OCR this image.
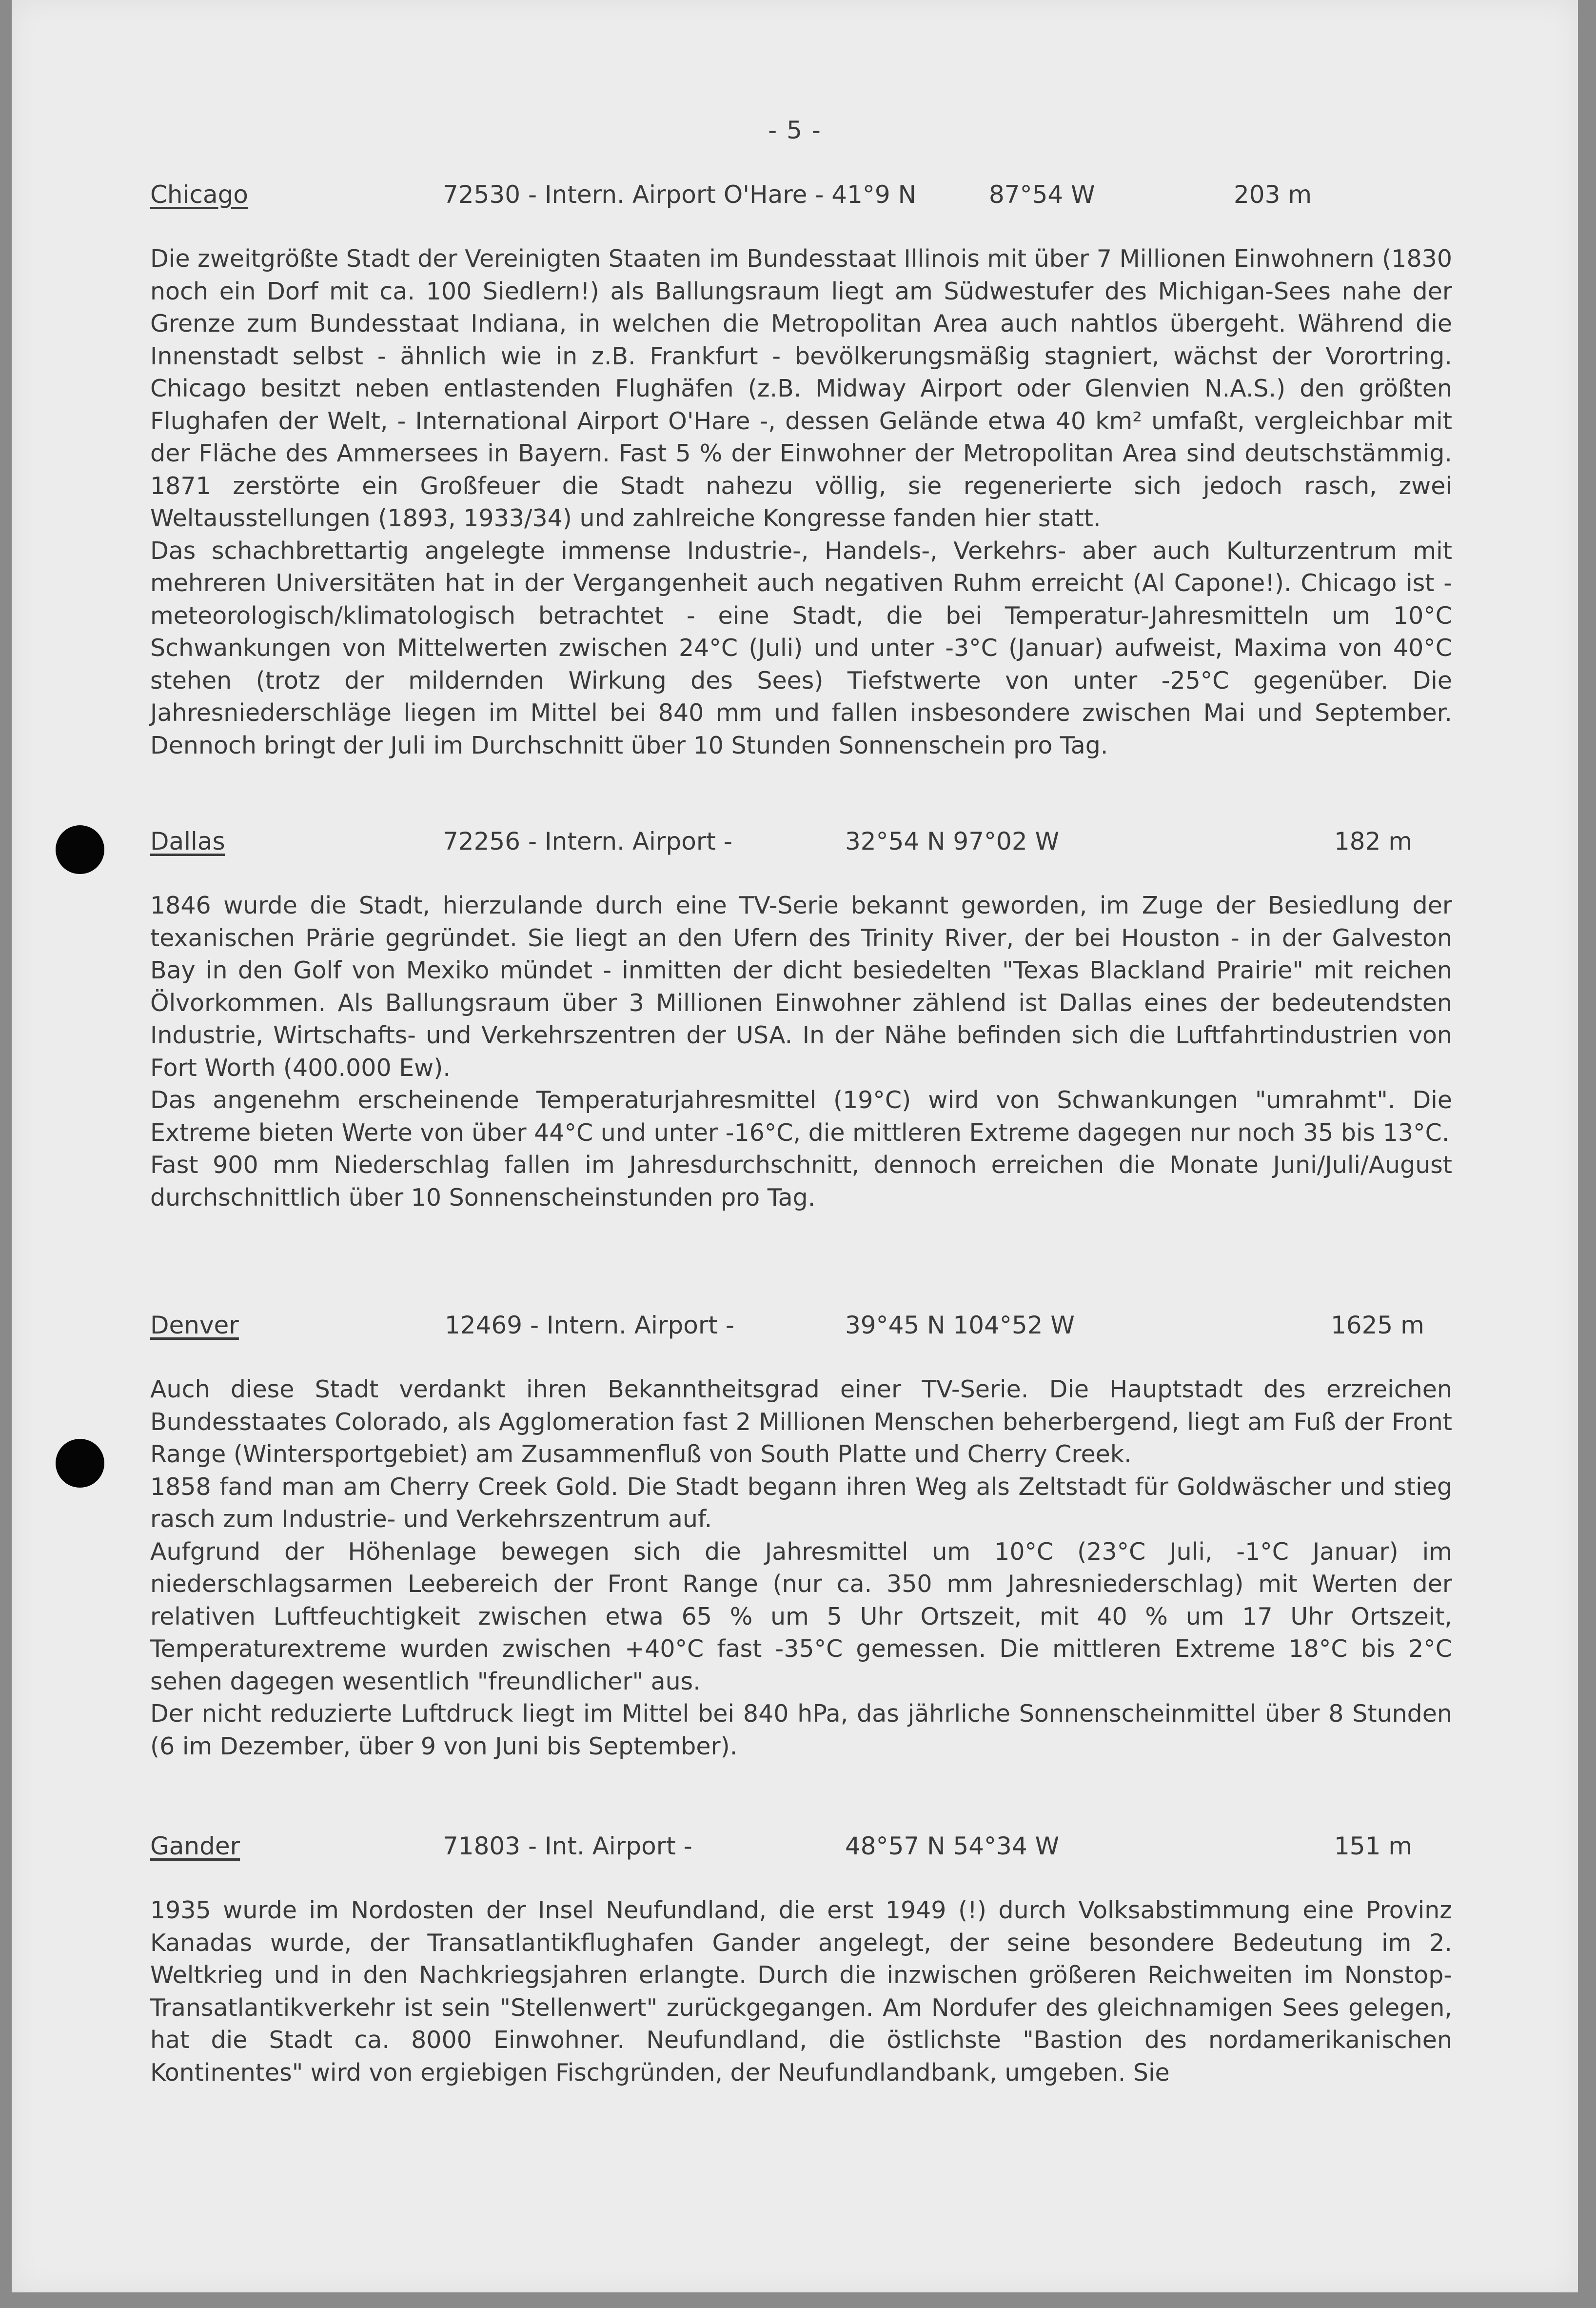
- 5 -
Chicago	72530 - Intern. Airport O'Hare - 41°9 N	87°54 W	203 m

Die zweitgrößte Stadt der Vereinigten Staaten im Bundesstaat Illinois mit über 7 Millionen Einwohnern (1830 noch ein Dorf mit ca. 100 Siedlern!) als Ballungsraum liegt am Südwestufer des Michigan-Sees nahe der Grenze zum Bundesstaat Indiana, in welchen die Metropolitan Area auch nahtlos übergeht. Während die Innenstadt selbst - ähnlich wie in z.B. Frankfurt - bevölkerungsmäßig stagniert, wächst der Vorortring. Chicago besitzt neben entlastenden Flughäfen (z.B. Midway Airport oder Glenvien N.A.S.) den größten Flughafen der Welt, - International Airport O'Hare -, dessen Gelände etwa 40 km² umfaßt, vergleichbar mit der Fläche des Ammersees in Bayern. Fast 5 % der Einwohner der Metropolitan Area sind deutschstämmig. 1871 zerstörte ein Großfeuer die Stadt nahezu völlig, sie regenerierte sich jedoch rasch, zwei Weltausstellungen (1893, 1933/34) und zahlreiche Kongresse fanden hier statt.

Das schachbrettartig angelegte immense Industrie-, Handels-, Verkehrs- aber auch Kulturzentrum mit mehreren Universitäten hat in der Vergangenheit auch negativen Ruhm erreicht (Al Capone!). Chicago ist - meteorologisch/klimatologisch betrachtet - eine Stadt, die bei Temperatur-Jahresmitteln um 10°C Schwankungen von Mittelwerten zwischen 24°C (Juli) und unter -3°C (Januar) aufweist, Maxima von 40°C stehen (trotz der mildernden Wirkung des Sees) Tiefstwerte von unter -25°C gegenüber. Die Jahresniederschläge liegen im Mittel bei 840 mm und fallen insbesondere zwischen Mai und September. Dennoch bringt der Juli im Durchschnitt über 10 Stunden Sonnenschein pro Tag.

Dallas	72256 - Intern. Airport -	32°54 N 97°02 W	182 m

1846 wurde die Stadt, hierzulande durch eine TV-Serie bekannt geworden, im Zuge der Besiedlung der texanischen Prärie gegründet. Sie liegt an den Ufern des Trinity River, der bei Houston - in der Galveston Bay in den Golf von Mexiko mündet - inmitten der dicht besiedelten "Texas Blackland Prairie" mit reichen Ölvorkommen. Als Ballungsraum über 3 Millionen Einwohner zählend ist Dallas eines der bedeutendsten Industrie, Wirtschafts- und Verkehrszentren der USA. In der Nähe befinden sich die Luftfahrtindustrien von Fort Worth (400.000 Ew).

Das angenehm erscheinende Temperaturjahresmittel (19°C) wird von Schwankungen "umrahmt". Die Extreme bieten Werte von über 44°C und unter -16°C, die mittleren Extreme dagegen nur noch 35 bis 13°C.

Fast 900 mm Niederschlag fallen im Jahresdurchschnitt, dennoch erreichen die Monate Juni/Juli/August durchschnittlich über 10 Sonnenscheinstunden pro Tag.

Denver	12469 - Intern. Airport -	39°45 N 104°52 W	1625 m

Auch diese Stadt verdankt ihren Bekanntheitsgrad einer TV-Serie. Die Hauptstadt des erzreichen Bundesstaates Colorado, als Agglomeration fast 2 Millionen Menschen beherbergend, liegt am Fuß der Front Range (Wintersportgebiet) am Zusammenfluß von South Platte und Cherry Creek.

1858 fand man am Cherry Creek Gold. Die Stadt begann ihren Weg als Zeltstadt für Goldwäscher und stieg rasch zum Industrie- und Verkehrszentrum auf.

Aufgrund der Höhenlage bewegen sich die Jahresmittel um 10°C (23°C Juli, -1°C Januar) im niederschlagsarmen Leebereich der Front Range (nur ca. 350 mm Jahresniederschlag) mit Werten der relativen Luftfeuchtigkeit zwischen etwa 65 % um 5 Uhr Ortszeit, mit 40 % um 17 Uhr Ortszeit, Temperaturextreme wurden zwischen +40°C fast -35°C gemessen. Die mittleren Extreme 18°C bis 2°C sehen dagegen wesentlich "freundlicher" aus.

Der nicht reduzierte Luftdruck liegt im Mittel bei 840 hPa, das jährliche Sonnenscheinmittel über 8 Stunden (6 im Dezember, über 9 von Juni bis September).

Gander	71803 - Int. Airport -	48°57 N 54°34 W	151 m

1935 wurde im Nordosten der Insel Neufundland, die erst 1949 (!) durch Volksabstimmung eine Provinz Kanadas wurde, der Transatlantikflughafen Gander angelegt, der seine besondere Bedeutung im 2. Weltkrieg und in den Nachkriegsjahren erlangte. Durch die inzwischen größeren Reichweiten im Nonstop-Transatlantikverkehr ist sein "Stellenwert" zurückgegangen. Am Nordufer des gleichnamigen Sees gelegen, hat die Stadt ca. 8000 Einwohner. Neufundland, die östlichste "Bastion des nordamerikanischen Kontinentes" wird von ergiebigen Fischgründen, der Neufundlandbank, umgeben. Sie
